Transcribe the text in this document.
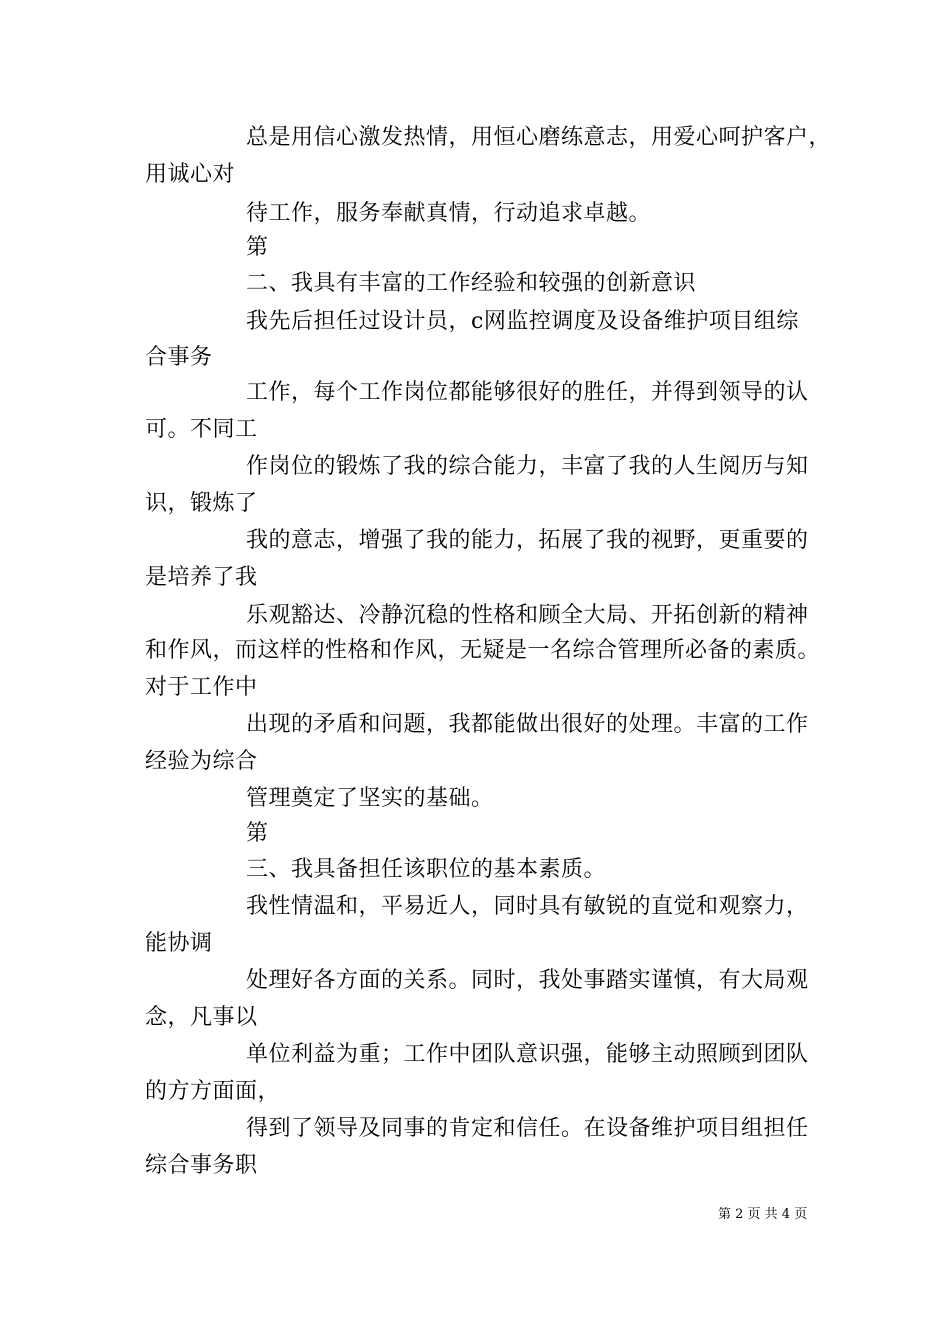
总是用信心激发热情，用恒心磨练意志，用爱心呵护客户，
用诚心对
待工作，服务奉献真情，行动追求卓越。
第
二、我具有丰富的工作经验和较强的创新意识
我先后担任过设计员，c网监控调度及设备维护项目组综
合事务
工作，每个工作岗位都能够很好的胜任，并得到领导的认
可。不同工
作岗位的锻炼了我的综合能力，丰富了我的人生阅历与知
识，锻炼了
我的意志，增强了我的能力，拓展了我的视野，更重要的
是培养了我
乐观豁达、冷静沉稳的性格和顾全大局、开拓创新的精神
和作风，而这样的性格和作风，无疑是一名综合管理所必备的素质。
对于工作中
出现的矛盾和问题，我都能做出很好的处理。丰富的工作
经验为综合
管理奠定了坚实的基础。
第
三、我具备担任该职位的基本素质。
我性情温和，平易近人，同时具有敏锐的直觉和观察力，
能协调
处理好各方面的关系。同时，我处事踏实谨慎，有大局观
念，凡事以
单位利益为重；工作中团队意识强，能够主动照顾到团队
的方方面面，
得到了领导及同事的肯定和信任。在设备维护项目组担任
综合事务职
第 2 页 共 4 页
